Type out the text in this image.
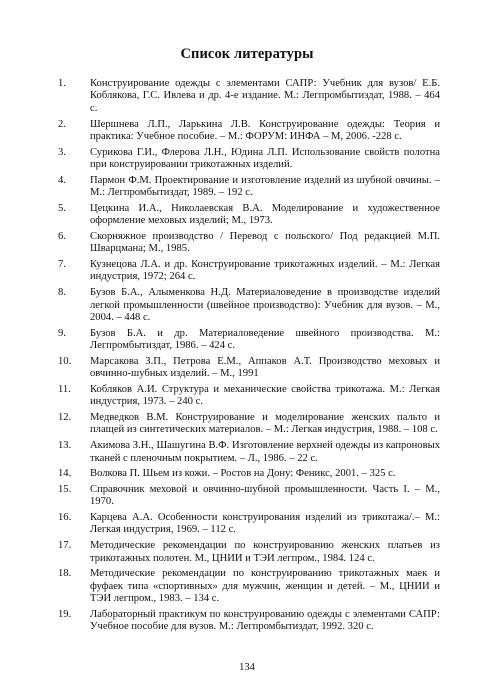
Список литературы
1.	Конструирование одежды с элементами САПР: Учебник для вузов/ Е.Б. Коблякова, Г.С. Ивлева и др. 4-е издание. М.: Легпромбытиздат, 1988. – 464 с.
2.	Шершнева Л.П., Ларькина Л.В. Конструирование одежды: Теория и практика: Учебное пособие. – М.: ФОРУМ: ИНФА – М, 2006. -228 с.
3.	Сурикова Г.И., Флерова Л.Н., Юдина Л.П. Использование свойств полотна при конструировании трикотажных изделий.
4.	Пармон Ф.М. Проектирование и изготовление изделий из шубной овчины. – М.: Легпромбытиздат, 1989. – 192 с.
5.	Цецкина И.А., Николаевская В.А. Моделирование и художественное оформление меховых изделий; М., 1973.
6.	Скорняжное производство / Перевод с польского/ Под редакцией М.П. Шварцмана; М., 1985.
7.	Кузнецова Л.А. и др. Конструирование трикотажных изделий. – М.: Легкая индустрия, 1972; 264 с.
8.	Бузов Б.А., Алыменкова Н.Д. Материаловедение в производстве изделий легкой промышленности (швейное производство): Учебник для вузов. – М., 2004. – 448 с.
9.	Бузов Б.А. и др. Материаловедение швейного производства. М.: Легпромбытиздат, 1986. – 424 с.
10.	Марсакова З.П., Петрова Е.М., Аппаков А.Т. Производство меховых и овчинно-шубных изделий. – М., 1991
11.	Кобляков А.И. Структура и механические свойства трикотажа. М.: Легкая индустрия, 1973. – 240 с.
12.	Медведков В.М. Конструирование и моделирование женских пальто и плащей из синтетических материалов. – М.: Легкая индустрия, 1988. – 108 с.
13.	Акимова З.Н., Шашугина В.Ф. Изготовление верхней одежды из капроновых тканей с пленочным покрытием. – Л., 1986. – 22 с.
14.	Волкова П. Шьем из кожи. – Ростов на Дону: Феникс, 2001. – 325 с.
15.	Справочник меховой и овчинно-шубной промышленности. Часть I. – М., 1970.
16.	Карцева А.А. Особенности конструирования изделий из трикотажа/.– М.: Легкая индустрия, 1969. – 112 с.
17.	Методические рекомендации по конструированию женских платьев из трикотажных полотен. М., ЦНИИ и ТЭИ легпром., 1984. 124 с.
18.	Методические рекомендации по конструированию трикотажных маек и фуфаек типа «спортивных» для мужчин, женщин и детей. – М., ЦНИИ и ТЭИ легпром., 1983. – 134 с.
19.	Лабораторный практикум по конструированию одежды с элементами САПР: Учебное пособие для вузов. М.: Легпромбытиздат, 1992. 320 с.
134
